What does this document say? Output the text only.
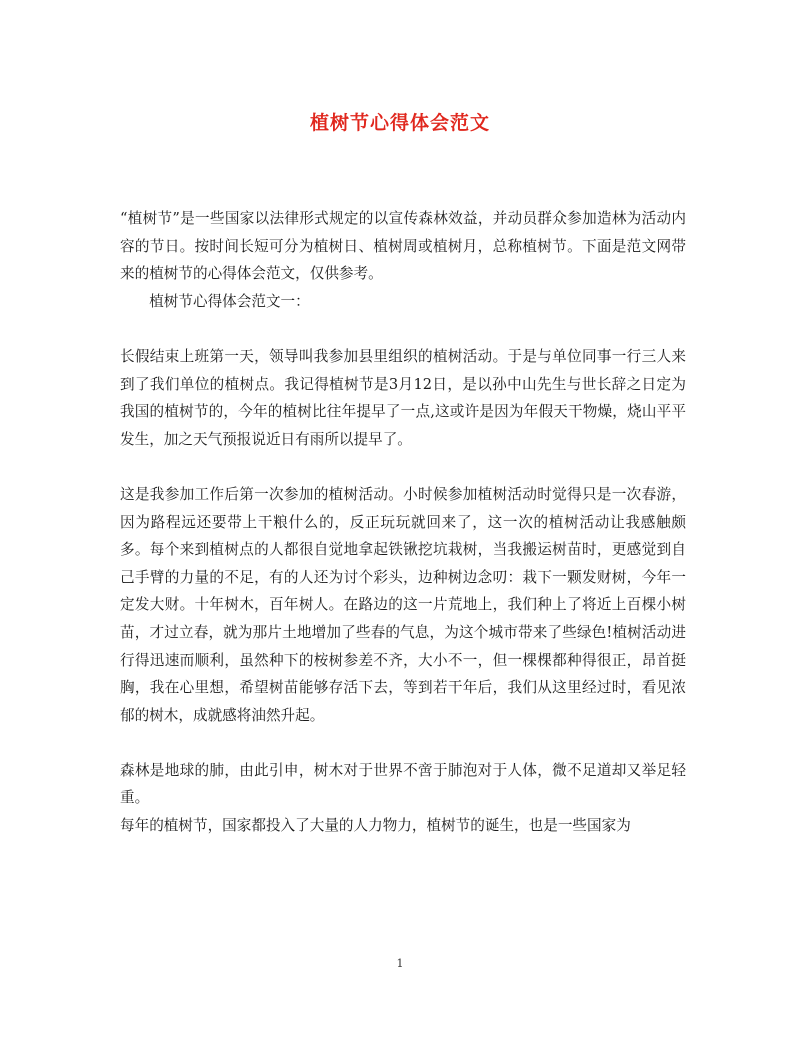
植树节心得体会范文

“植树节”是一些国家以法律形式规定的以宣传森林效益，并动员群众参加造林为活动内容的节日。按时间长短可分为植树日、植树周或植树月，总称植树节。下面是范文网带来的植树节的心得体会范文，仅供参考。

植树节心得体会范文一：

长假结束上班第一天，领导叫我参加县里组织的植树活动。于是与单位同事一行三人来到了我们单位的植树点。我记得植树节是3月12日，是以孙中山先生与世长辞之日定为我国的植树节的，今年的植树比往年提早了一点,这或许是因为年假天干物燥，烧山平平发生，加之天气预报说近日有雨所以提早了。

这是我参加工作后第一次参加的植树活动。小时候参加植树活动时觉得只是一次春游，因为路程远还要带上干粮什么的，反正玩玩就回来了，这一次的植树活动让我感触颇多。每个来到植树点的人都很自觉地拿起铁锹挖坑栽树，当我搬运树苗时，更感觉到自己手臂的力量的不足，有的人还为讨个彩头，边种树边念叨：栽下一颗发财树，今年一定发大财。十年树木，百年树人。在路边的这一片荒地上，我们种上了将近上百棵小树苗，才过立春，就为那片土地增加了些春的气息，为这个城市带来了些绿色!植树活动进行得迅速而顺利，虽然种下的桉树参差不齐，大小不一，但一棵棵都种得很正，昂首挺胸，我在心里想，希望树苗能够存活下去，等到若干年后，我们从这里经过时，看见浓郁的树木，成就感将油然升起。

森林是地球的肺，由此引申，树木对于世界不啻于肺泡对于人体，微不足道却又举足轻重。

每年的植树节，国家都投入了大量的人力物力，植树节的诞生，也是一些国家为

1
